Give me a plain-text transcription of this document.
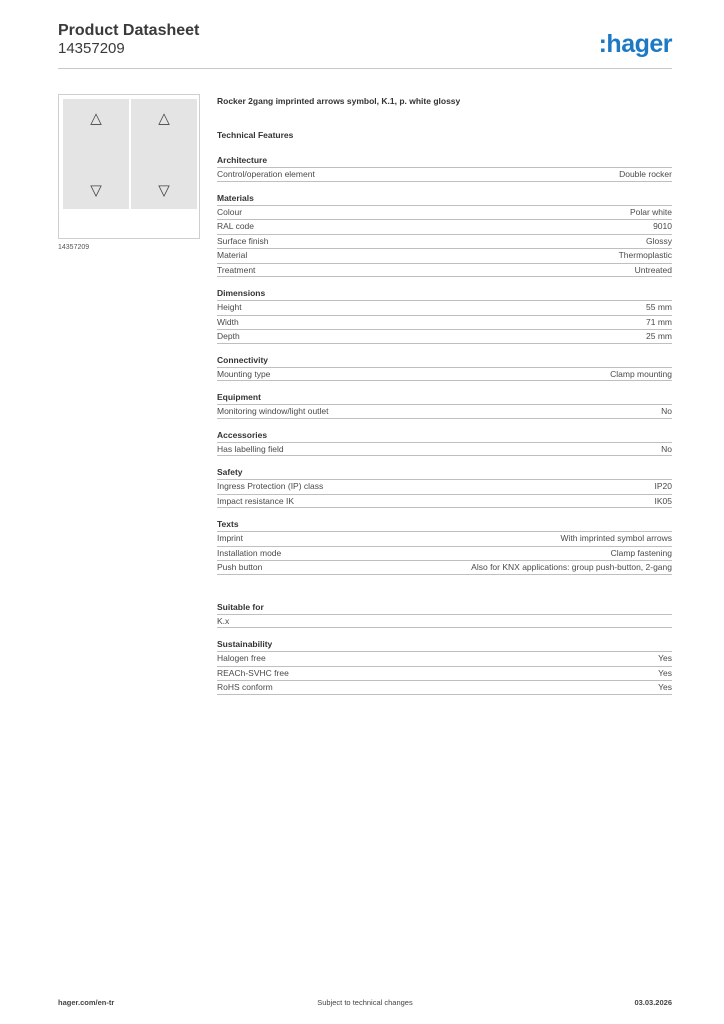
Product Datasheet
14357209	:hager
△
▽
△
▽
14357209
Rocker 2gang imprinted arrows symbol, K.1, p. white glossy
Technical Features
Architecture
Control/operation element	Double rocker
Materials
Colour	Polar white
RAL code	9010
Surface finish	Glossy
Material	Thermoplastic
Treatment	Untreated
Dimensions
Height	55 mm
Width	71 mm
Depth	25 mm
Connectivity
Mounting type	Clamp mounting
Equipment
Monitoring window/light outlet	No
Accessories
Has labelling field	No
Safety
Ingress Protection (IP) class	IP20
Impact resistance IK	IK05
Texts
Imprint	With imprinted symbol arrows
Installation mode	Clamp fastening
Push button	Also for KNX applications: group push-button, 2-gang
Suitable for
K.x
Sustainability
Halogen free	Yes
REACh-SVHC free	Yes
RoHS conform	Yes
hager.com/en-tr	Subject to technical changes	03.03.2026
